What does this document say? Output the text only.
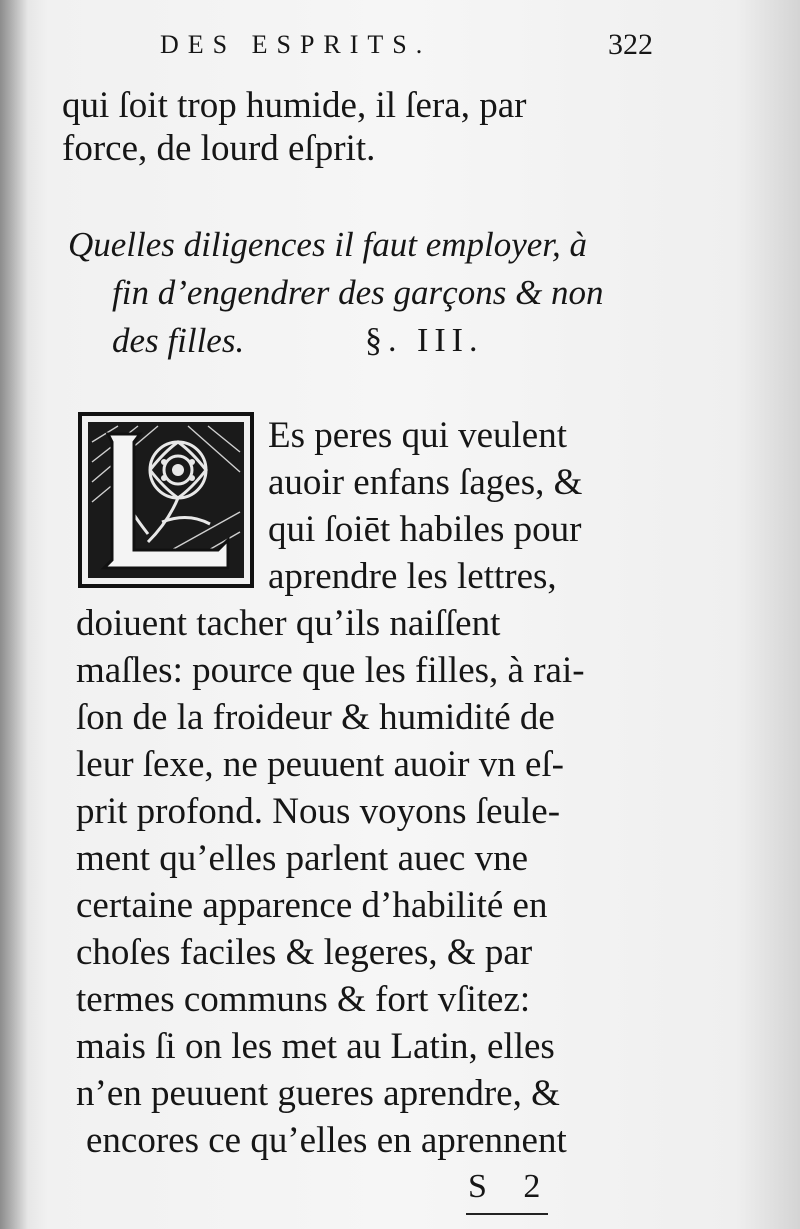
DES ESPRITS.	322
qui ſoit trop humide, il ſera, par
force, de lourd eſprit.
Quelles diligences il faut employer, à
fin d’engendrer des garçons & non
des filles.	§. III.
Es peres qui veulent
auoir enfans ſages, &
qui ſoiēt habiles pour
aprendre les lettres,
doiuent tacher qu’ils naiſſent
maſles: pource que les filles, à rai-
ſon de la froideur & humidité de
leur ſexe, ne peuuent auoir vn eſ-
prit profond. Nous voyons ſeule-
ment qu’elles parlent auec vne
certaine apparence d’habilité en
choſes faciles & legeres, & par
termes communs & fort vſitez:
mais ſi on les met au Latin, elles
n’en peuuent gueres aprendre, &
encores ce qu’elles en aprennent
S 2
